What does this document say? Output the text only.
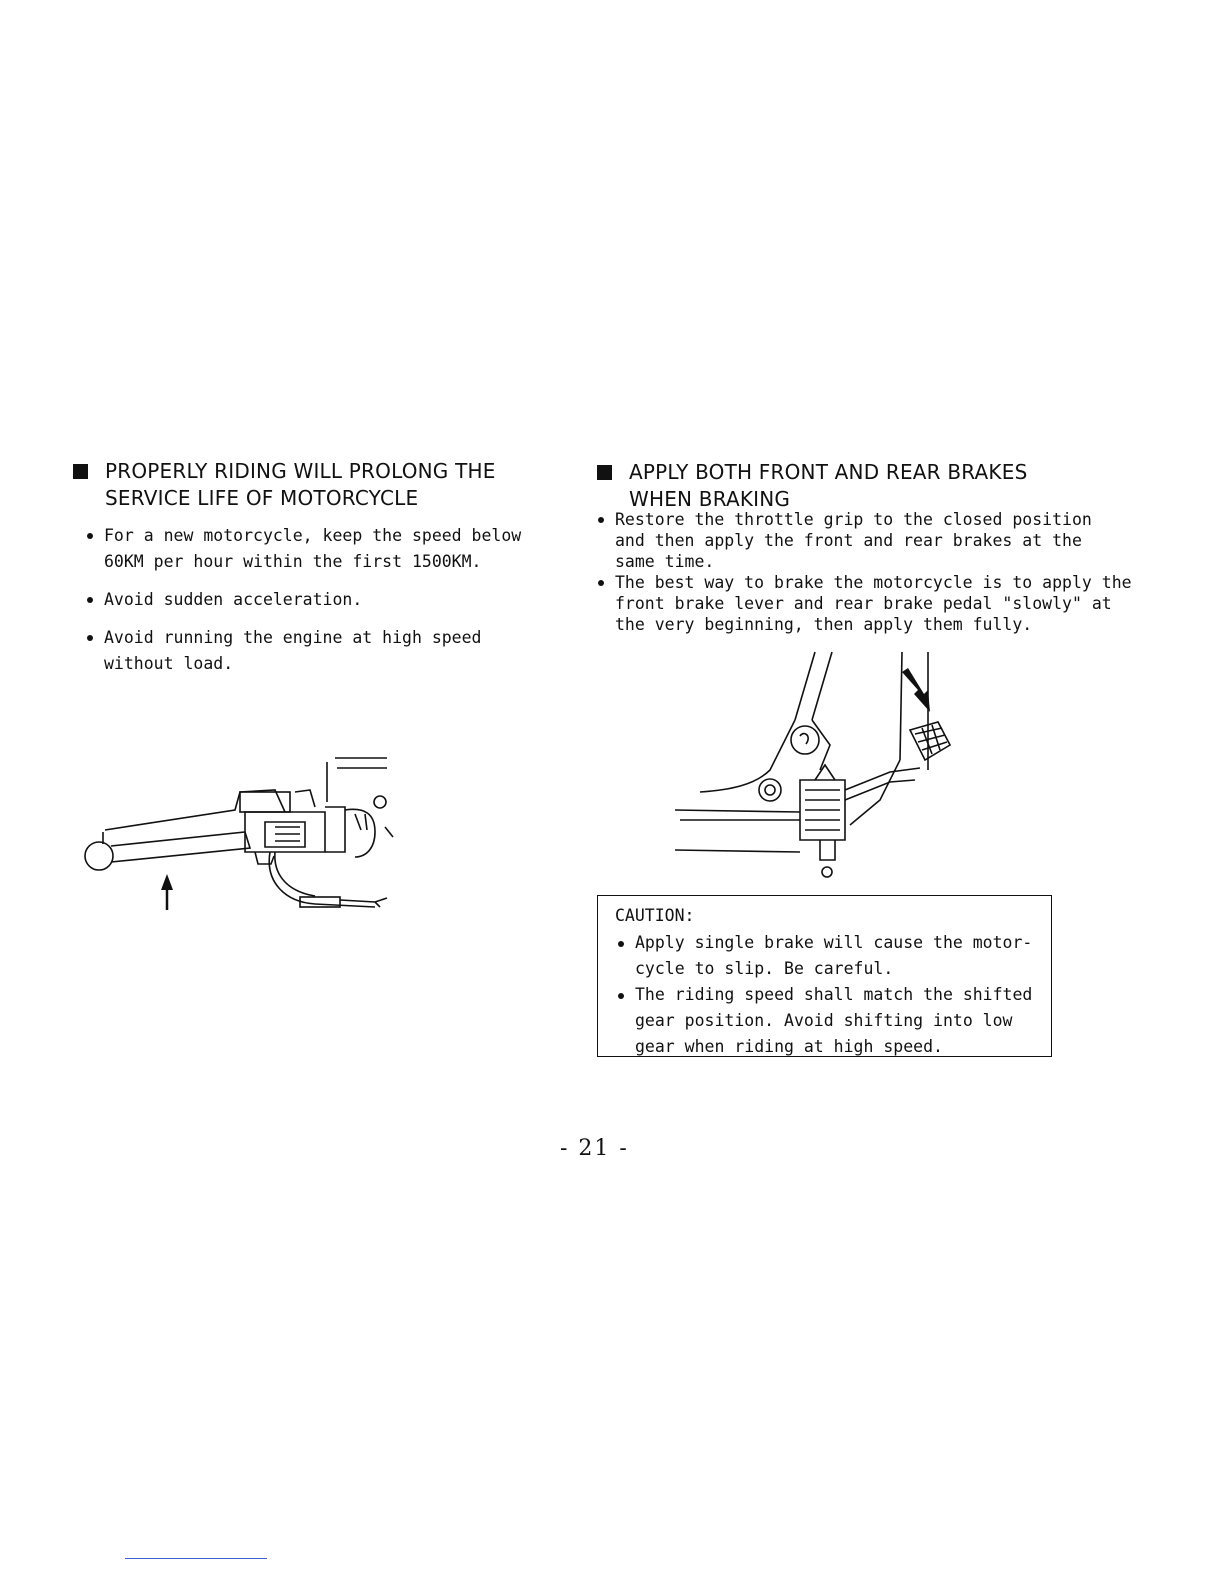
PROPERLY RIDING WILL PROLONG THE
SERVICE LIFE OF MOTORCYCLE
For a new motorcycle, keep the speed below 60KM per hour within the first 1500KM.
Avoid sudden acceleration.
Avoid running the engine at high speed without load.
APPLY BOTH FRONT AND REAR BRAKES
WHEN BRAKING
Restore the throttle grip to the closed position and then apply the front and rear brakes at the same time.
The best way to brake the motorcycle is to apply the front brake lever and rear brake pedal "slowly" at the very beginning, then apply them fully.
CAUTION:
Apply single brake will cause the motor-cycle to slip. Be careful.
The riding speed shall match the shifted gear position. Avoid shifting into low gear when riding at high speed.
- 21 -
